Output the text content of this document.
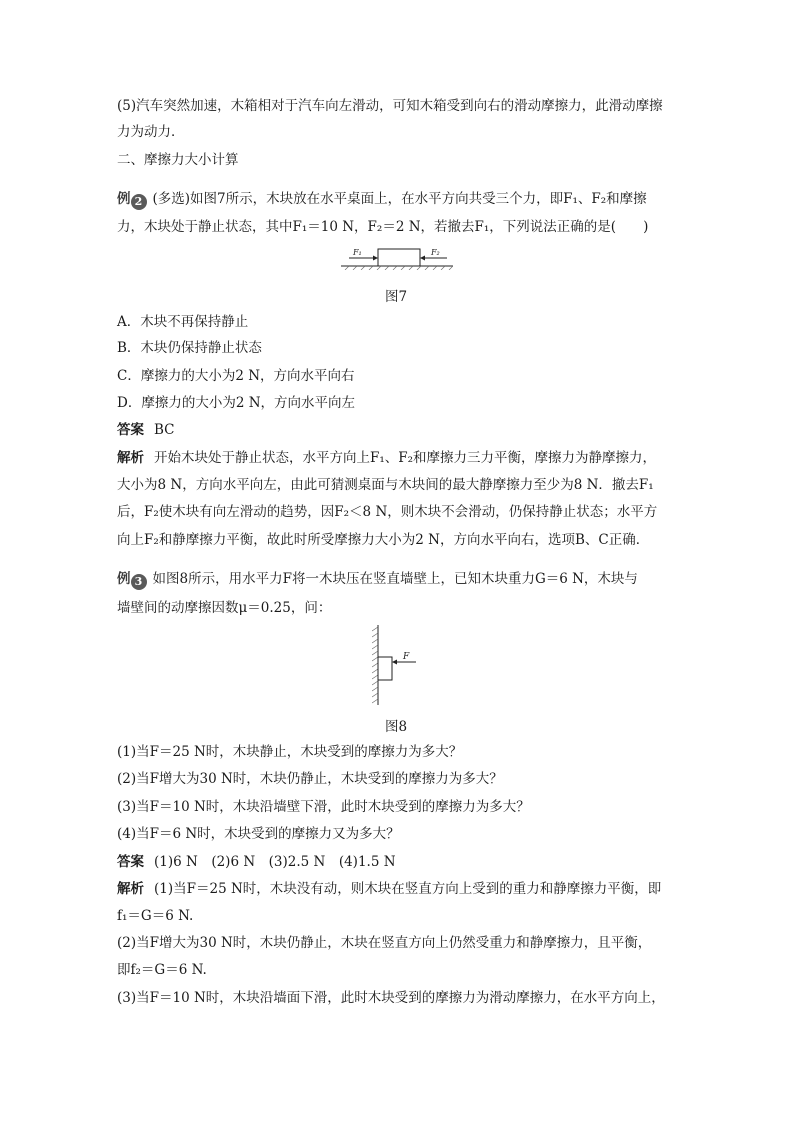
(5)汽车突然加速，木箱相对于汽车向左滑动，可知木箱受到向右的滑动摩擦力，此滑动摩擦
力为动力．
二、摩擦力大小计算
例 2 (多选)如图7所示，木块放在水平桌面上，在水平方向共受三个力，即F₁、F₂和摩擦
力，木块处于静止状态，其中F₁＝10 N，F₂＝2 N，若撤去F₁，下列说法正确的是(　　)
F₁	F₂
图7
A．木块不再保持静止
B．木块仍保持静止状态
C．摩擦力的大小为2 N，方向水平向右
D．摩擦力的大小为2 N，方向水平向左
答案 BC
解析 开始木块处于静止状态，水平方向上F₁、F₂和摩擦力三力平衡，摩擦力为静摩擦力，
大小为8 N，方向水平向左，由此可猜测桌面与木块间的最大静摩擦力至少为8 N．撤去F₁
后，F₂使木块有向左滑动的趋势，因F₂＜8 N，则木块不会滑动，仍保持静止状态；水平方
向上F₂和静摩擦力平衡，故此时所受摩擦力大小为2 N，方向水平向右，选项B、C正确．
例 3 如图8所示，用水平力F将一木块压在竖直墙壁上，已知木块重力G＝6 N，木块与
墙壁间的动摩擦因数μ＝0.25，问：
F
图8
(1)当F＝25 N时，木块静止，木块受到的摩擦力为多大？
(2)当F增大为30 N时，木块仍静止，木块受到的摩擦力为多大？
(3)当F＝10 N时，木块沿墙壁下滑，此时木块受到的摩擦力为多大？
(4)当F＝6 N时，木块受到的摩擦力又为多大？
答案 (1)6 N　(2)6 N　(3)2.5 N　(4)1.5 N
解析 (1)当F＝25 N时，木块没有动，则木块在竖直方向上受到的重力和静摩擦力平衡，即
f₁＝G＝6 N.
(2)当F增大为30 N时，木块仍静止，木块在竖直方向上仍然受重力和静摩擦力，且平衡，
即f₂＝G＝6 N.
(3)当F＝10 N时，木块沿墙面下滑，此时木块受到的摩擦力为滑动摩擦力，在水平方向上，
